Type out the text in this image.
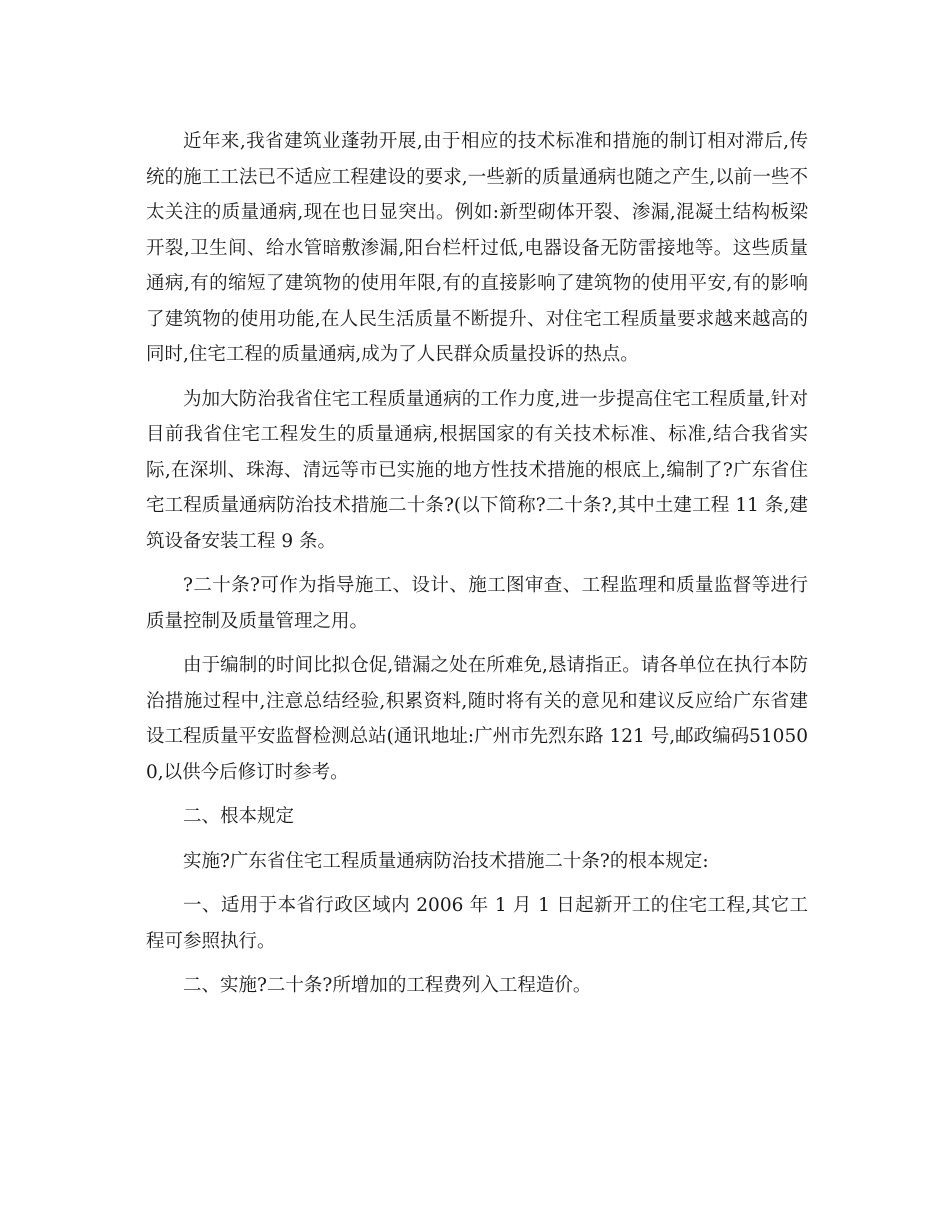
近年来,我省建筑业蓬勃开展,由于相应的技术标准和措施的制订相对滞后,传统的施工工法已不适应工程建设的要求,一些新的质量通病也随之产生,以前一些不太关注的质量通病,现在也日显突出。例如:新型砌体开裂、渗漏,混凝土结构板梁开裂,卫生间、给水管暗敷渗漏,阳台栏杆过低,电器设备无防雷接地等。这些质量通病,有的缩短了建筑物的使用年限,有的直接影响了建筑物的使用平安,有的影响了建筑物的使用功能,在人民生活质量不断提升、对住宅工程质量要求越来越高的同时,住宅工程的质量通病,成为了人民群众质量投诉的热点。

为加大防治我省住宅工程质量通病的工作力度,进一步提高住宅工程质量,针对目前我省住宅工程发生的质量通病,根据国家的有关技术标准、标准,结合我省实际,在深圳、珠海、清远等市已实施的地方性技术措施的根底上,编制了?广东省住宅工程质量通病防治技术措施二十条?(以下简称?二十条?,其中土建工程 11 条,建筑设备安装工程 9 条。

?二十条?可作为指导施工、设计、施工图审查、工程监理和质量监督等进行质量控制及质量管理之用。

由于编制的时间比拟仓促,错漏之处在所难免,恳请指正。请各单位在执行本防治措施过程中,注意总结经验,积累资料,随时将有关的意见和建议反应给广东省建设工程质量平安监督检测总站(通讯地址:广州市先烈东路 121 号,邮政编码510500,以供今后修订时参考。

二、根本规定

实施?广东省住宅工程质量通病防治技术措施二十条?的根本规定:

一、适用于本省行政区域内 2006 年 1 月 1 日起新开工的住宅工程,其它工程可参照执行。

二、实施?二十条?所增加的工程费列入工程造价。
